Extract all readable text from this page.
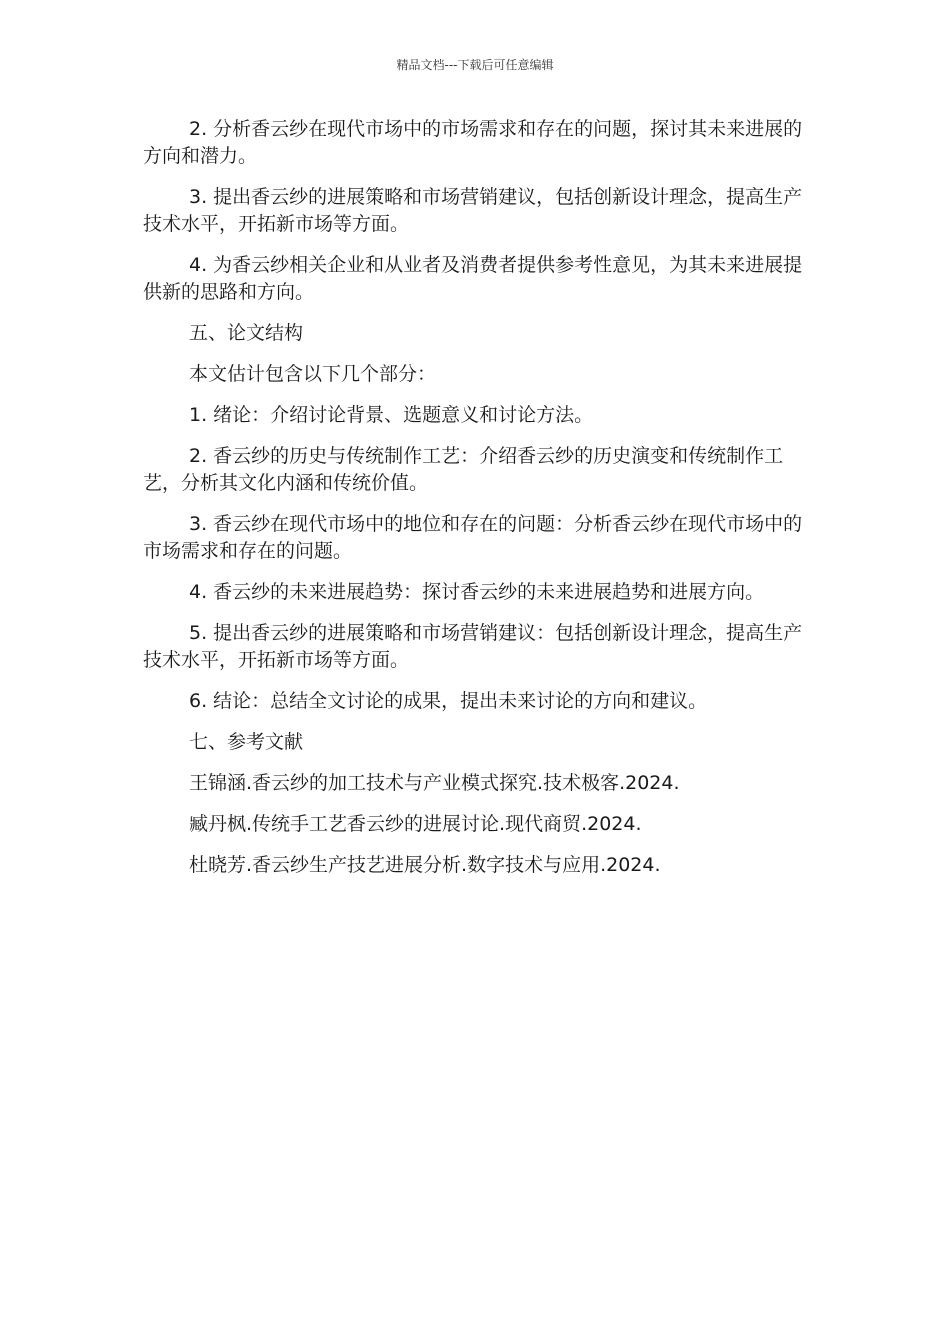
精品文档---下载后可任意编辑

2. 分析香云纱在现代市场中的市场需求和存在的问题，探讨其未来进展的方向和潜力。

3. 提出香云纱的进展策略和市场营销建议，包括创新设计理念，提高生产技术水平，开拓新市场等方面。

4. 为香云纱相关企业和从业者及消费者提供参考性意见，为其未来进展提供新的思路和方向。

五、论文结构

本文估计包含以下几个部分：

1. 绪论：介绍讨论背景、选题意义和讨论方法。

2. 香云纱的历史与传统制作工艺：介绍香云纱的历史演变和传统制作工艺，分析其文化内涵和传统价值。

3. 香云纱在现代市场中的地位和存在的问题：分析香云纱在现代市场中的市场需求和存在的问题。

4. 香云纱的未来进展趋势：探讨香云纱的未来进展趋势和进展方向。

5. 提出香云纱的进展策略和市场营销建议：包括创新设计理念，提高生产技术水平，开拓新市场等方面。

6. 结论：总结全文讨论的成果，提出未来讨论的方向和建议。

七、参考文献

王锦涵.香云纱的加工技术与产业模式探究.技术极客.2024.

臧丹枫.传统手工艺香云纱的进展讨论.现代商贸.2024.

杜晓芳.香云纱生产技艺进展分析.数字技术与应用.2024.
